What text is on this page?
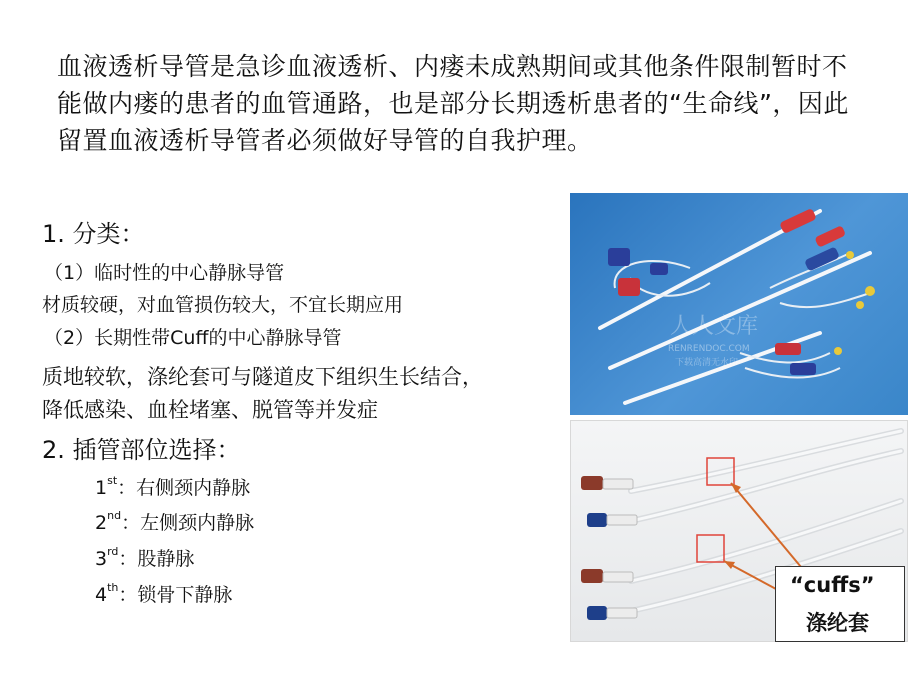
血液透析导管是急诊血液透析、内瘘未成熟期间或其他条件限制暂时不能做内瘘的患者的血管通路，也是部分长期透析患者的“生命线”，因此留置血液透析导管者必须做好导管的自我护理。
1. 分类：
（1）临时性的中心静脉导管
材质较硬，对血管损伤较大，不宜长期应用
（2）长期性带Cuff的中心静脉导管
质地较软，涤纶套可与隧道皮下组织生长结合，
降低感染、血栓堵塞、脱管等并发症
2. 插管部位选择：
1st：右侧颈内静脉
2nd：左侧颈内静脉
3rd：股静脉
4th：锁骨下静脉
人人文库
RENRENDOC.COM
下载高清无水印
“cuffs”
涤纶套
